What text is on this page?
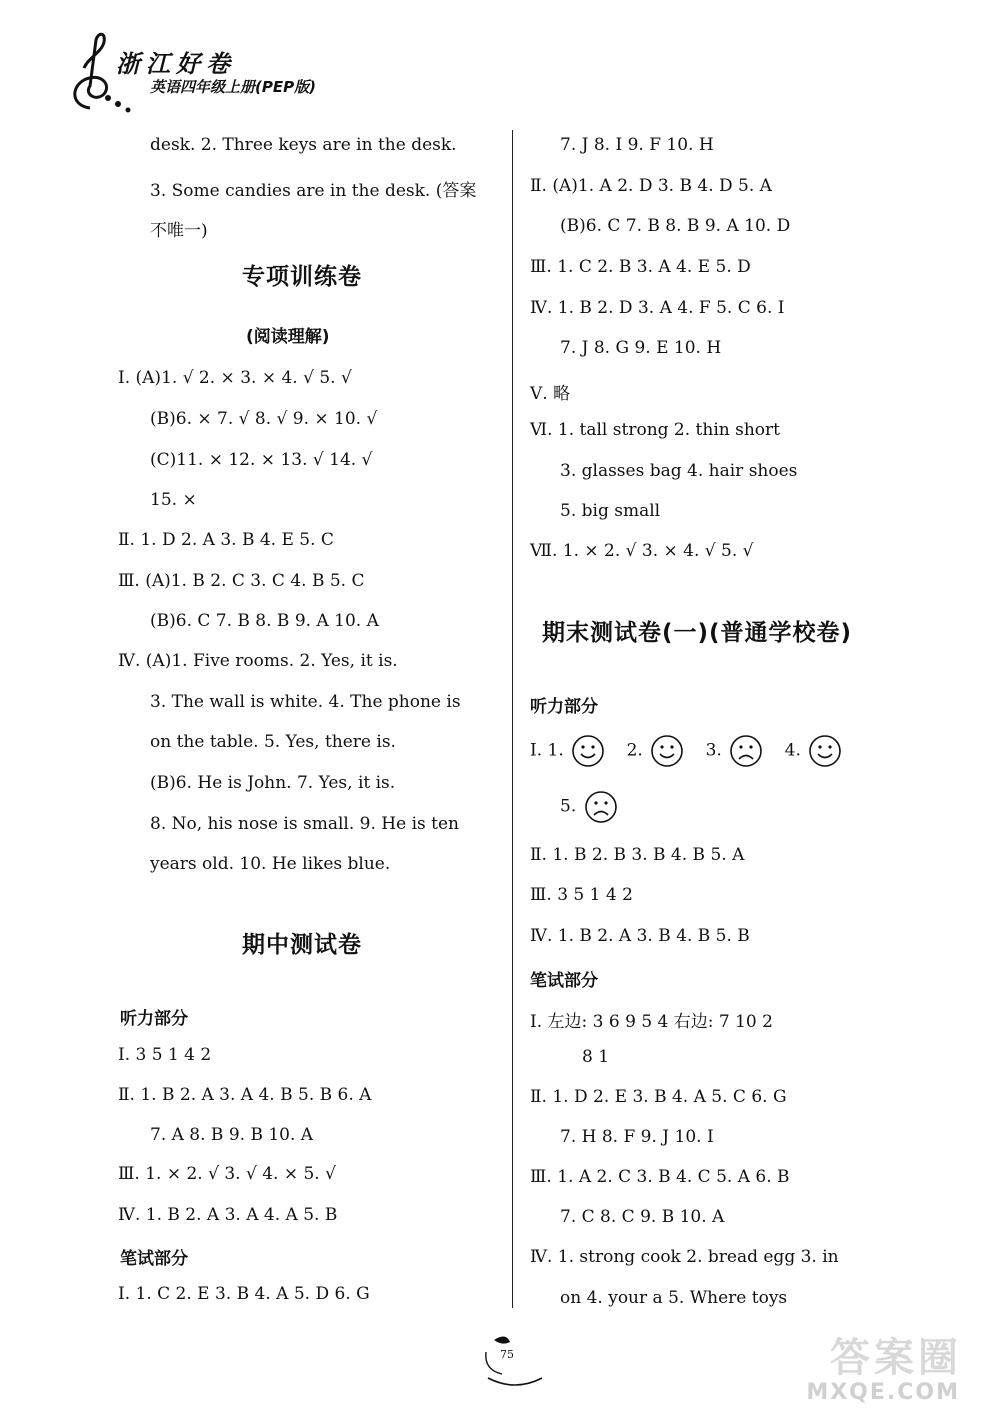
浙江好卷
英语四年级上册(PEP版)
desk. 2. Three keys are in the desk.
3. Some candies are in the desk. (答案
不唯一)
专项训练卷
(阅读理解)
Ⅰ. (A)1. √ 2. × 3. × 4. √ 5. √
(B)6. × 7. √ 8. √ 9. × 10. √
(C)11. × 12. × 13. √ 14. √
15. ×
Ⅱ. 1. D 2. A 3. B 4. E 5. C
Ⅲ. (A)1. B 2. C 3. C 4. B 5. C
(B)6. C 7. B 8. B 9. A 10. A
Ⅳ. (A)1. Five rooms. 2. Yes, it is.
3. The wall is white. 4. The phone is
on the table. 5. Yes, there is.
(B)6. He is John. 7. Yes, it is.
8. No, his nose is small. 9. He is ten
years old. 10. He likes blue.
期中测试卷
听力部分
Ⅰ. 3 5 1 4 2
Ⅱ. 1. B 2. A 3. A 4. B 5. B 6. A
7. A 8. B 9. B 10. A
Ⅲ. 1. × 2. √ 3. √ 4. × 5. √
Ⅳ. 1. B 2. A 3. A 4. A 5. B
笔试部分
Ⅰ. 1. C 2. E 3. B 4. A 5. D 6. G
7. J 8. I 9. F 10. H
Ⅱ. (A)1. A 2. D 3. B 4. D 5. A
(B)6. C 7. B 8. B 9. A 10. D
Ⅲ. 1. C 2. B 3. A 4. E 5. D
Ⅳ. 1. B 2. D 3. A 4. F 5. C 6. I
7. J 8. G 9. E 10. H
Ⅴ. 略
Ⅵ. 1. tall strong 2. thin short
3. glasses bag 4. hair shoes
5. big small
Ⅶ. 1. × 2. √ 3. × 4. √ 5. √
期末测试卷(一)(普通学校卷)
听力部分
Ⅰ. 1.	2.	3.	4.
5.
Ⅱ. 1. B 2. B 3. B 4. B 5. A
Ⅲ. 3 5 1 4 2
Ⅳ. 1. B 2. A 3. B 4. B 5. B
笔试部分
Ⅰ. 左边: 3 6 9 5 4 右边: 7 10 2
8 1
Ⅱ. 1. D 2. E 3. B 4. A 5. C 6. G
7. H 8. F 9. J 10. I
Ⅲ. 1. A 2. C 3. B 4. C 5. A 6. B
7. C 8. C 9. B 10. A
Ⅳ. 1. strong cook 2. bread egg 3. in
on 4. your a 5. Where toys
75	答案圈
MXQE.COM
